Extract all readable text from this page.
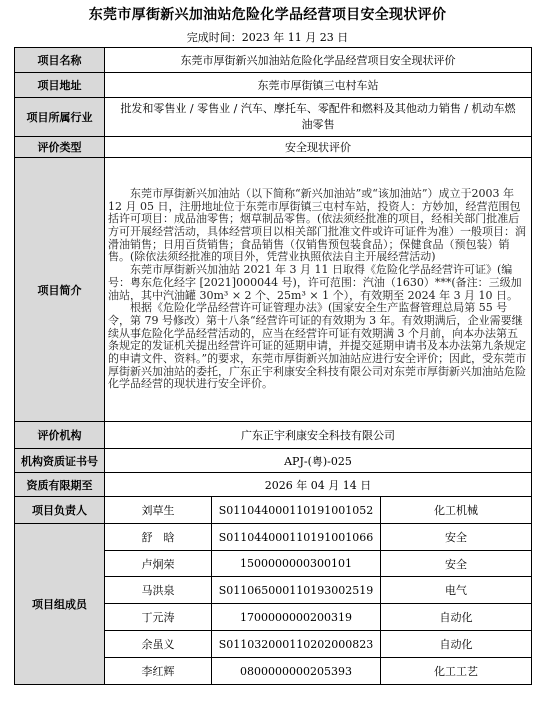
东莞市厚街新兴加油站危险化学品经营项目安全现状评价
完成时间：2023 年 11 月 23 日
项目名称	东莞市厚街新兴加油站危险化学品经营项目安全现状评价		
项目地址	东莞市厚街镇三屯村车站		
项目所属行业	批发和零售业 / 零售业 / 汽车、摩托车、零配件和燃料及其他动力销售 / 机动车燃油零售		
评价类型	安全现状评价		
项目简介	东莞市厚街新兴加油站（以下简称“新兴加油站”或“该加油站”）成立于2003 年 12 月 05 日，注册地址位于东莞市厚街镇三屯村车站，投资人：方妙加，经营范围包括许可项目：成品油零售；烟草制品零售。(依法须经批准的项目，经相关部门批准后方可开展经营活动，具体经营项目以相关部门批准文件或许可证件为准）一般项目：润滑油销售；日用百货销售；食品销售（仅销售预包装食品）；保健食品（预包装）销售。(除依法须经批准的项目外，凭营业执照依法自主开展经营活动)

东莞市厚街新兴加油站 2021 年 3 月 11 日取得《危险化学品经营许可证》(编号：粤东危化经字 [2021]000044 号)，许可范围：汽油（1630）***(备注：三级加油站，其中汽油罐 30m³ × 2 个、25m³ × 1 个），有效期至 2024 年 3 月 10 日。

根据《危险化学品经营许可证管理办法》(国家安全生产监督管理总局第 55 号令，第 79 号修改）第十八条“经营许可证的有效期为 3 年。有效期满后，企业需要继续从事危险化学品经营活动的，应当在经营许可证有效期满 3 个月前，向本办法第五条规定的发证机关提出经营许可证的延期申请，并提交延期申请书及本办法第九条规定的申请文件、资料。”的要求，东莞市厚街新兴加油站应进行安全评价；因此，受东莞市厚街新兴加油站的委托，广东正宇利康安全科技有限公司对东莞市厚街新兴加油站危险化学品经营的现状进行安全评价。		

评价机构	广东正宇利康安全科技有限公司		
机构资质证书号	APJ-(粤)-025		
资质有限期至	2026 年 04 月 14 日		
项目负责人	刘草生	S011044000110191001052	化工机械
项目组成员	舒　晗	S011044000110191001066	安全
	卢炯荣	1500000000300101	安全
	马洪泉	S011065000110193002519	电气
	丁元涛	1700000000200319	自动化
	余虽义	S011032000110202000823	自动化
	李红辉	0800000000205393	化工工艺
